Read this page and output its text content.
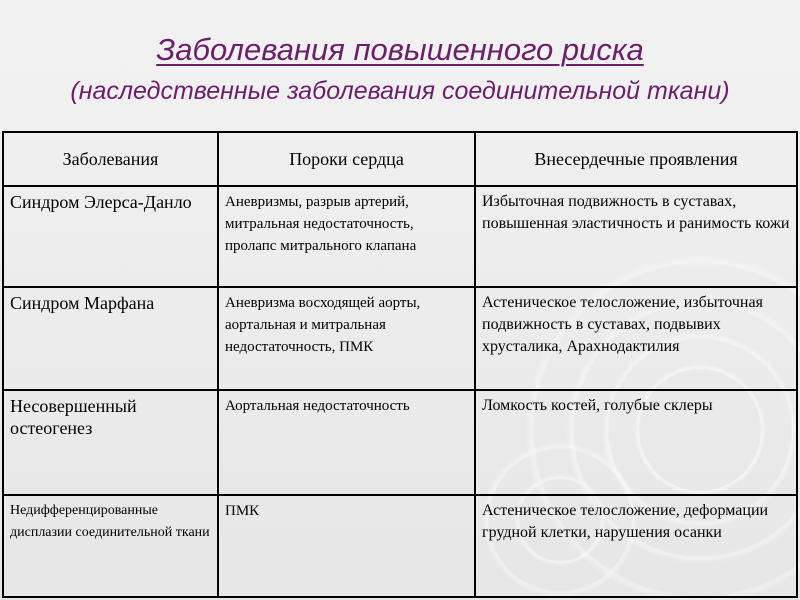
Заболевания повышенного риска
(наследственные заболевания соединительной ткани)
Заболевания	Пороки сердца	Внесердечные проявления
Синдром Элерса-Данло	Аневризмы, разрыв артерий, митральная недостаточность, пролапс митрального клапана	Избыточная подвижность в суставах, повышенная эластичность и ранимость кожи
Синдром Марфана	Аневризма восходящей аорты, аортальная и митральная недостаточность, ПМК	Астеническое телосложение, избыточная подвижность в суставах, подвывих хрусталика, Арахнодактилия
Несовершенный остеогенез	Аортальная недостаточность	Ломкость костей, голубые склеры
Недифференцированные дисплазии соединительной ткани	ПМК	Астеническое телосложение, деформации грудной клетки, нарушения осанки
